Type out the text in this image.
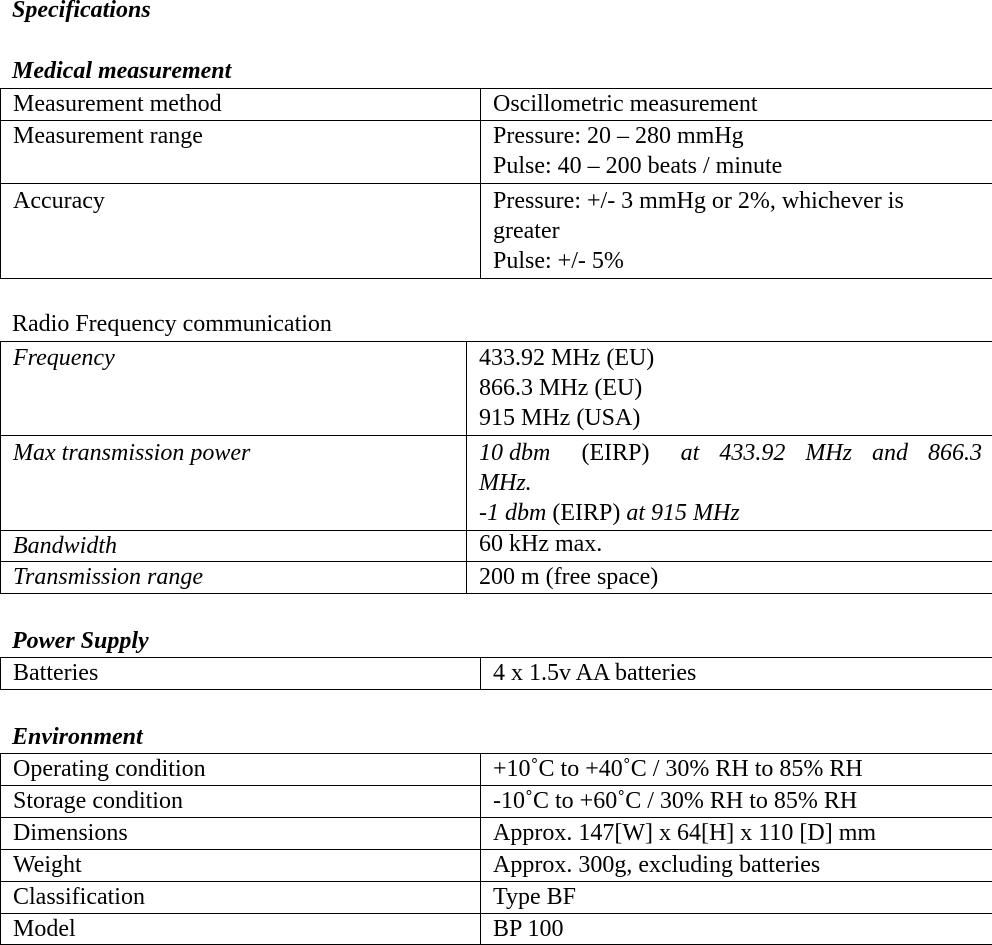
Specifications
Medical measurement
Measurement method	Oscillometric measurement
Measurement range	Pressure: 20 – 280 mmHg
Pulse: 40 – 200 beats / minute

Accuracy	Pressure: +/- 3 mmHg or 2%, whichever is
greater
Pulse: +/- 5%
Radio Frequency communication
Frequency	433.92 MHz (EU)
866.3 MHz (EU)
915 MHz (USA)

Max transmission power	10 dbm (EIRP) at 433.92 MHz and 866.3
MHz.
-1 dbm (EIRP) at 915 MHz

Bandwidth	60 kHz max.
Transmission range	200 m (free space)
Power Supply
Batteries	4 x 1.5v AA batteries
Environment
Operating condition	+10˚C to +40˚C / 30% RH to 85% RH
Storage condition	-10˚C to +60˚C / 30% RH to 85% RH
Dimensions	Approx. 147[W] x 64[H] x 110 [D] mm
Weight	Approx. 300g, excluding batteries
Classification	Type BF
Model	BP 100
